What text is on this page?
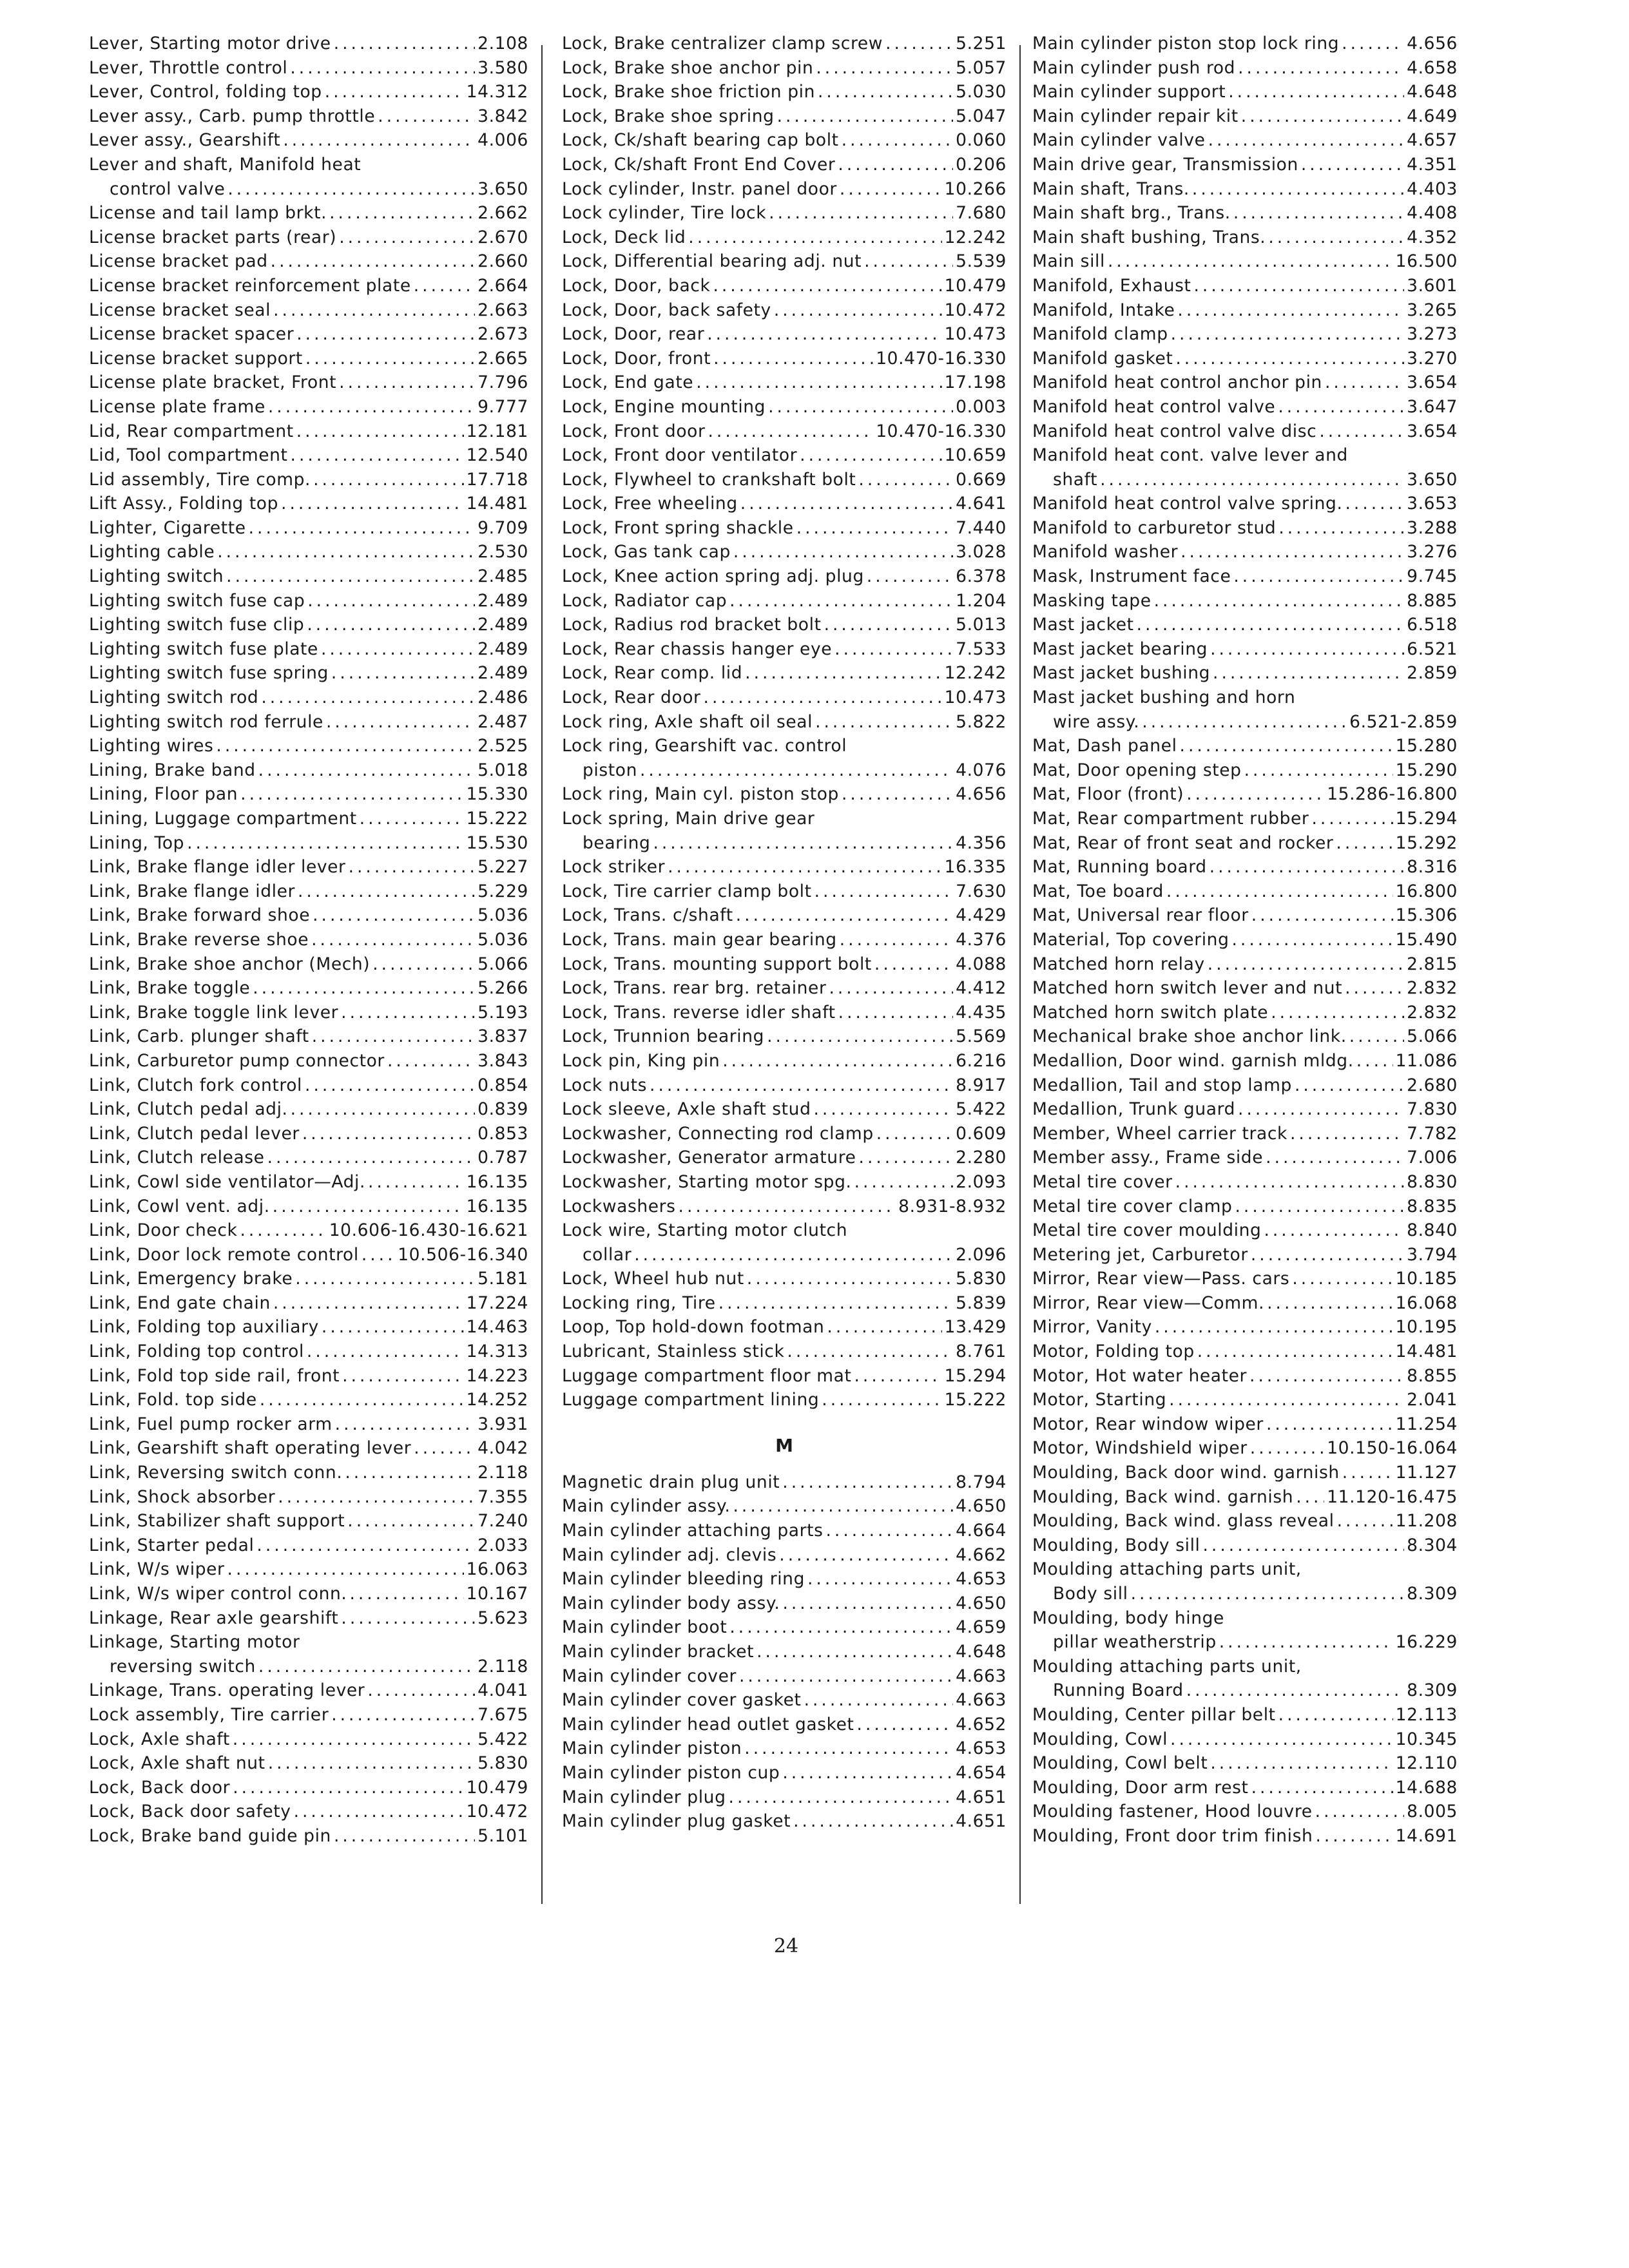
Lever, Starting motor drive .....	2.108
Lever, Throttle control .....	3.580
Lever, Control, folding top .....	14.312
Lever assy., Carb. pump throttle .....	3.842
Lever assy., Gearshift .....	4.006
Lever and shaft, Manifold heat
control valve .....	3.650
License and tail lamp brkt. .....	2.662
License bracket parts (rear) .....	2.670
License bracket pad .....	2.660
License bracket reinforcement plate .....	2.664
License bracket seal .....	2.663
License bracket spacer .....	2.673
License bracket support .....	2.665
License plate bracket, Front .....	7.796
License plate frame .....	9.777
Lid, Rear compartment .....	12.181
Lid, Tool compartment .....	12.540
Lid assembly, Tire comp. .....	17.718
Lift Assy., Folding top .....	14.481
Lighter, Cigarette .....	9.709
Lighting cable .....	2.530
Lighting switch .....	2.485
Lighting switch fuse cap .....	2.489
Lighting switch fuse clip .....	2.489
Lighting switch fuse plate .....	2.489
Lighting switch fuse spring .....	2.489
Lighting switch rod .....	2.486
Lighting switch rod ferrule .....	2.487
Lighting wires .....	2.525
Lining, Brake band .....	5.018
Lining, Floor pan .....	15.330
Lining, Luggage compartment .....	15.222
Lining, Top .....	15.530
Link, Brake flange idler lever .....	5.227
Link, Brake flange idler .....	5.229
Link, Brake forward shoe .....	5.036
Link, Brake reverse shoe .....	5.036
Link, Brake shoe anchor (Mech) .....	5.066
Link, Brake toggle .....	5.266
Link, Brake toggle link lever .....	5.193
Link, Carb. plunger shaft .....	3.837
Link, Carburetor pump connector .....	3.843
Link, Clutch fork control .....	0.854
Link, Clutch pedal adj. .....	0.839
Link, Clutch pedal lever .....	0.853
Link, Clutch release .....	0.787
Link, Cowl side ventilator—Adj. .....	16.135
Link, Cowl vent. adj. .....	16.135
Link, Door check .....	10.606-16.430-16.621
Link, Door lock remote control ..... 10.506-16.340
Link, Emergency brake .....	5.181
Link, End gate chain .....	17.224
Link, Folding top auxiliary .....	14.463
Link, Folding top control .....	14.313
Link, Fold top side rail, front .....	14.223
Link, Fold. top side .....	14.252
Link, Fuel pump rocker arm .....	3.931
Link, Gearshift shaft operating lever .....	4.042
Link, Reversing switch conn. .....	2.118
Link, Shock absorber .....	7.355
Link, Stabilizer shaft support .....	7.240
Link, Starter pedal .....	2.033
Link, W/s wiper .....	16.063
Link, W/s wiper control conn. .....	10.167
Linkage, Rear axle gearshift .....	5.623
Linkage, Starting motor
reversing switch .....	2.118
Linkage, Trans. operating lever .....	4.041
Lock assembly, Tire carrier .....	7.675
Lock, Axle shaft .....	5.422
Lock, Axle shaft nut .....	5.830
Lock, Back door .....	10.479
Lock, Back door safety .....	10.472
Lock, Brake band guide pin .....	5.101
Lock, Brake centralizer clamp screw .....	5.251
Lock, Brake shoe anchor pin .....	5.057
Lock, Brake shoe friction pin .....	5.030
Lock, Brake shoe spring .....	5.047
Lock, Ck/shaft bearing cap bolt .....	0.060
Lock, Ck/shaft Front End Cover .....	0.206
Lock cylinder, Instr. panel door .....	10.266
Lock cylinder, Tire lock .....	7.680
Lock, Deck lid .....	12.242
Lock, Differential bearing adj. nut .....	5.539
Lock, Door, back .....	10.479
Lock, Door, back safety .....	10.472
Lock, Door, rear .....	10.473
Lock, Door, front .....	10.470-16.330
Lock, End gate .....	17.198
Lock, Engine mounting .....	0.003
Lock, Front door .....	10.470-16.330
Lock, Front door ventilator .....	10.659
Lock, Flywheel to crankshaft bolt .....	0.669
Lock, Free wheeling .....	4.641
Lock, Front spring shackle .....	7.440
Lock, Gas tank cap .....	3.028
Lock, Knee action spring adj. plug .....	6.378
Lock, Radiator cap .....	1.204
Lock, Radius rod bracket bolt .....	5.013
Lock, Rear chassis hanger eye .....	7.533
Lock, Rear comp. lid .....	12.242
Lock, Rear door .....	10.473
Lock ring, Axle shaft oil seal .....	5.822
Lock ring, Gearshift vac. control
piston .....	4.076
Lock ring, Main cyl. piston stop .....	4.656
Lock spring, Main drive gear
bearing .....	4.356
Lock striker .....	16.335
Lock, Tire carrier clamp bolt .....	7.630
Lock, Trans. c/shaft .....	4.429
Lock, Trans. main gear bearing .....	4.376
Lock, Trans. mounting support bolt .....	4.088
Lock, Trans. rear brg. retainer .....	4.412
Lock, Trans. reverse idler shaft .....	4.435
Lock, Trunnion bearing .....	5.569
Lock pin, King pin .....	6.216
Lock nuts .....	8.917
Lock sleeve, Axle shaft stud .....	5.422
Lockwasher, Connecting rod clamp .....	0.609
Lockwasher, Generator armature .....	2.280
Lockwasher, Starting motor spg. .....	2.093
Lockwashers .....	8.931-8.932
Lock wire, Starting motor clutch
collar .....	2.096
Lock, Wheel hub nut .....	5.830
Locking ring, Tire .....	5.839
Loop, Top hold-down footman .....	13.429
Lubricant, Stainless stick .....	8.761
Luggage compartment floor mat .....	15.294
Luggage compartment lining .....	15.222
M
Magnetic drain plug unit .....	8.794
Main cylinder assy. .....	4.650
Main cylinder attaching parts .....	4.664
Main cylinder adj. clevis .....	4.662
Main cylinder bleeding ring .....	4.653
Main cylinder body assy. .....	4.650
Main cylinder boot .....	4.659
Main cylinder bracket .....	4.648
Main cylinder cover .....	4.663
Main cylinder cover gasket .....	4.663
Main cylinder head outlet gasket .....	4.652
Main cylinder piston .....	4.653
Main cylinder piston cup .....	4.654
Main cylinder plug .....	4.651
Main cylinder plug gasket .....	4.651
Main cylinder piston stop lock ring .....	4.656
Main cylinder push rod .....	4.658
Main cylinder support .....	4.648
Main cylinder repair kit .....	4.649
Main cylinder valve .....	4.657
Main drive gear, Transmission .....	4.351
Main shaft, Trans. .....	4.403
Main shaft brg., Trans. .....	4.408
Main shaft bushing, Trans. .....	4.352
Main sill .....	16.500
Manifold, Exhaust .....	3.601
Manifold, Intake .....	3.265
Manifold clamp .....	3.273
Manifold gasket .....	3.270
Manifold heat control anchor pin .....	3.654
Manifold heat control valve .....	3.647
Manifold heat control valve disc .....	3.654
Manifold heat cont. valve lever and
shaft .....	3.650
Manifold heat control valve spring. .....	3.653
Manifold to carburetor stud .....	3.288
Manifold washer .....	3.276
Mask, Instrument face .....	9.745
Masking tape .....	8.885
Mast jacket .....	6.518
Mast jacket bearing .....	6.521
Mast jacket bushing .....	2.859
Mast jacket bushing and horn
wire assy. .....	6.521-2.859
Mat, Dash panel .....	15.280
Mat, Door opening step .....	15.290
Mat, Floor (front) .....	15.286-16.800
Mat, Rear compartment rubber .....	15.294
Mat, Rear of front seat and rocker .....	15.292
Mat, Running board .....	8.316
Mat, Toe board .....	16.800
Mat, Universal rear floor .....	15.306
Material, Top covering .....	15.490
Matched horn relay .....	2.815
Matched horn switch lever and nut .....	2.832
Matched horn switch plate .....	2.832
Mechanical brake shoe anchor link. .....	5.066
Medallion, Door wind. garnish mldg. ..... 11.086
Medallion, Tail and stop lamp .....	2.680
Medallion, Trunk guard .....	7.830
Member, Wheel carrier track .....	7.782
Member assy., Frame side .....	7.006
Metal tire cover .....	8.830
Metal tire cover clamp .....	8.835
Metal tire cover moulding .....	8.840
Metering jet, Carburetor .....	3.794
Mirror, Rear view—Pass. cars .....	10.185
Mirror, Rear view—Comm. .....	16.068
Mirror, Vanity .....	10.195
Motor, Folding top .....	14.481
Motor, Hot water heater .....	8.855
Motor, Starting .....	2.041
Motor, Rear window wiper .....	11.254
Motor, Windshield wiper .....	10.150-16.064
Moulding, Back door wind. garnish .....	11.127
Moulding, Back wind. garnish ..... 11.120-16.475
Moulding, Back wind. glass reveal .....	11.208
Moulding, Body sill .....	8.304
Moulding attaching parts unit,
Body sill .....	8.309
Moulding, body hinge
pillar weatherstrip .....	16.229
Moulding attaching parts unit,
Running Board .....	8.309
Moulding, Center pillar belt .....	12.113
Moulding, Cowl .....	10.345
Moulding, Cowl belt .....	12.110
Moulding, Door arm rest .....	14.688
Moulding fastener, Hood louvre .....	8.005
Moulding, Front door trim finish .....	14.691
24
